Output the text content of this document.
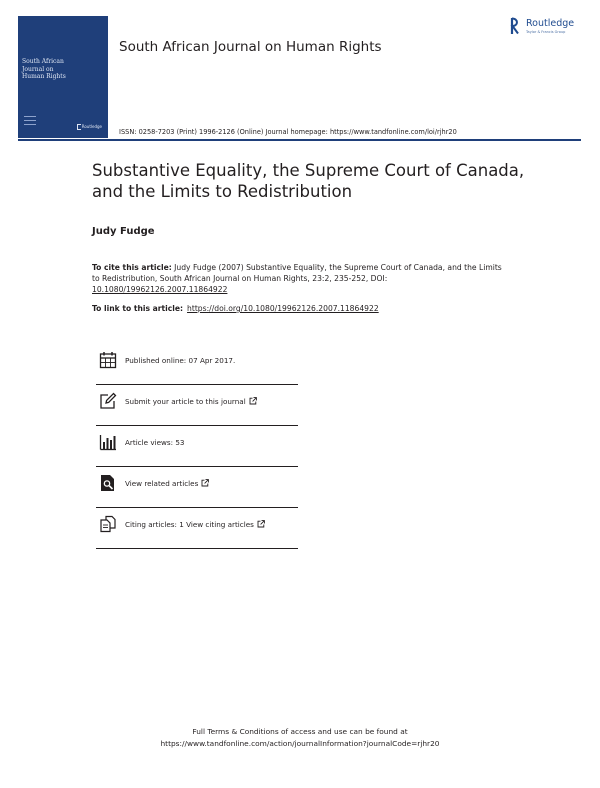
South African
Journal on
Human Rights
Routledge
South African Journal on Human Rights
Routledge
Taylor & Francis Group
ISSN: 0258-7203 (Print) 1996-2126 (Online) Journal homepage: https://www.tandfonline.com/loi/rjhr20
Substantive Equality, the Supreme Court of Canada, and the Limits to Redistribution
Judy Fudge
To cite this article: Judy Fudge (2007) Substantive Equality, the Supreme Court of Canada, and the Limits to Redistribution, South African Journal on Human Rights, 23:2, 235-252, DOI: 10.1080/19962126.2007.11864922
To link to this article: https://doi.org/10.1080/19962126.2007.11864922
Published online: 07 Apr 2017.
Submit your article to this journal
Article views: 53
View related articles
Citing articles: 1 View citing articles
Full Terms & Conditions of access and use can be found at
https://www.tandfonline.com/action/journalInformation?journalCode=rjhr20
